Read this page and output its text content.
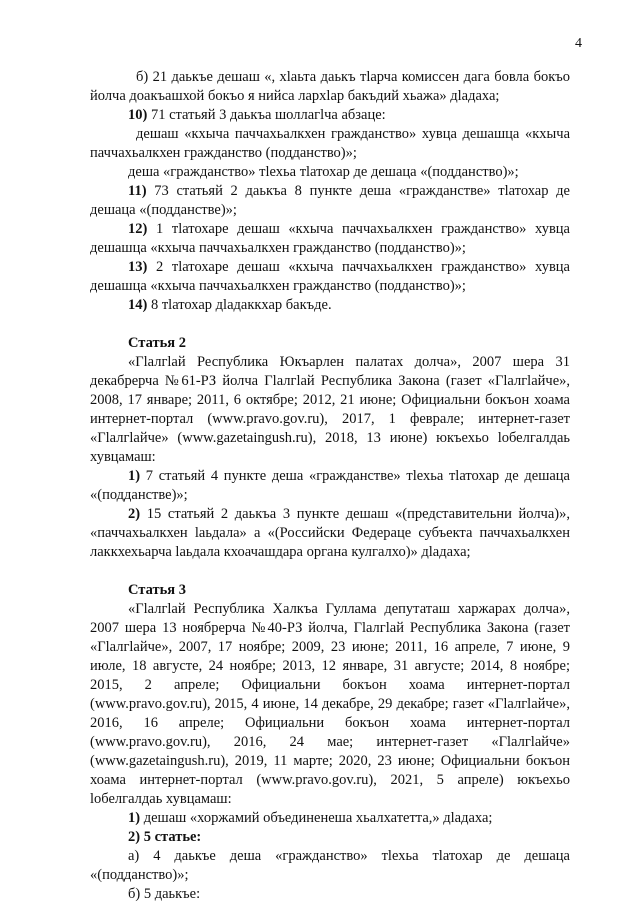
4

б) 21 даькъе дешаш «, хlаьта даькъ тlарча комиссен дага бовла бокъо йолча доакъашхой бокъо я нийса лархlар бакъдий хьажа» дlадаха;

10) 71 статьяй 3 даькъа шоллагlча абзаце:

дешаш «кхыча паччахьалкхен гражданство» хувца дешашца «кхыча паччахьалкхен гражданство (подданство)»;

деша «гражданство» тlехьа тlатохар де дешаца «(подданство)»;

11) 73 статьяй 2 даькъа 8 пункте деша «гражданстве» тlатохар де дешаца «(подданстве)»;

12) 1 тlатохаре дешаш «кхыча паччахьалкхен гражданство» хувца дешашца «кхыча паччахьалкхен гражданство (подданство)»;

13) 2 тlатохаре дешаш «кхыча паччахьалкхен гражданство» хувца дешашца «кхыча паччахьалкхен гражданство (подданство)»;

14) 8 тlатохар дlадаккхар бакъде.

Статья 2

«Гlалгlай Республика Юкъарлен палатах долча», 2007 шера 31 декабрерча №61-РЗ йолча Гlалгlай Республика Закона (газет «Гlалгlайче», 2008, 17 январе; 2011, 6 октябре; 2012, 21 июне; Официальни бокъон хоама интернет-портал (www.pravo.gov.ru), 2017, 1 феврале; интернет-газет «Гlалгlайче» (www.gazetaingush.ru), 2018, 13 июне) юкъехьо lобелгалдаь хувцамаш:

1) 7 статьяй 4 пункте деша «гражданстве» тlехьа тlатохар де дешаца «(подданстве)»;

2) 15 статьяй 2 даькъа 3 пункте дешаш «(представительни йолча)», «паччахьалкхен lаьдала» а «(Российски Федераце субъекта паччахьалкхен лаккхехьарча lаьдала кхоачашдара органа кулгалхо)» дlадаха;

Статья 3

«Гlалгlай Республика Халкъа Гуллама депутаташ харжарах долча», 2007 шера 13 ноябрерча №40-РЗ йолча, Гlалгlай Республика Закона (газет «Гlалгlайче», 2007, 17 ноябре; 2009, 23 июне; 2011, 16 апреле, 7 июне, 9 июле, 18 августе, 24 ноябре; 2013, 12 январе, 31 августе; 2014, 8 ноябре; 2015, 2 апреле; Официальни бокъон хоама интернет-портал (www.pravo.gov.ru), 2015, 4 июне, 14 декабре, 29 декабре; газет «Гlалгlайче», 2016, 16 апреле; Официальни бокъон хоама интернет-портал (www.pravo.gov.ru), 2016, 24 мае; интернет-газет «Гlалгlайче» (www.gazetaingush.ru), 2019, 11 марте; 2020, 23 июне; Официальни бокъон хоама интернет-портал (www.pravo.gov.ru), 2021, 5 апреле) юкъехьо lобелгалдаь хувцамаш:

1) дешаш «хоржамий объединенеша хьалхатетта,» дlадаха;

2) 5 статье:

а) 4 даькъе деша «гражданство» тlехьа тlатохар де дешаца «(подданство)»;

б) 5 даькъе:
